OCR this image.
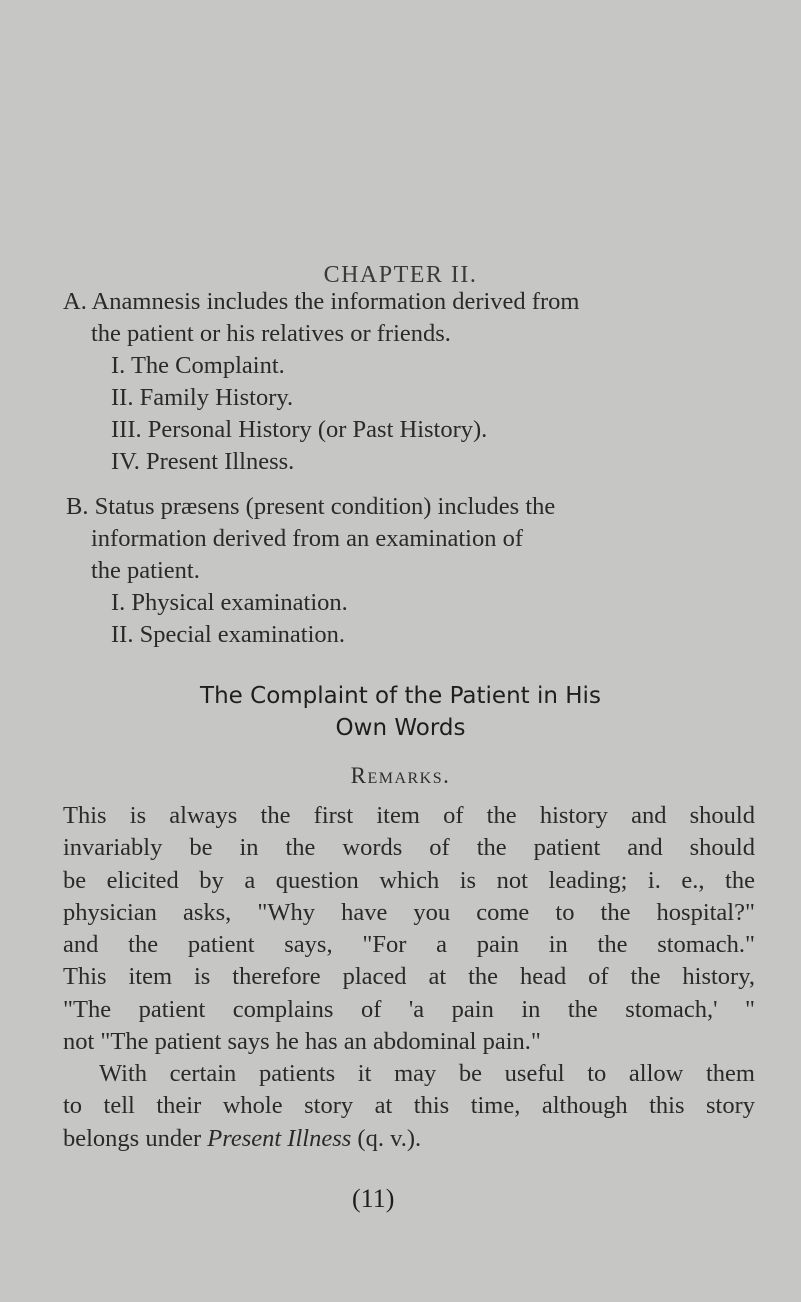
CHAPTER II.
A. Anamnesis includes the information derived from
the patient or his relatives or friends.
I. The Complaint.
II. Family History.
III. Personal History (or Past History).
IV. Present Illness.
B. Status præsens (present condition) includes the
information derived from an examination of
the patient.
I. Physical examination.
II. Special examination.
The Complaint of the Patient in His
Own Words
Remarks.
This is always the first item of the history and should
invariably be in the words of the patient and should
be elicited by a question which is not leading; i. e., the
physician asks, "Why have you come to the hospital?"
and the patient says, "For a pain in the stomach."
This item is therefore placed at the head of the history,
"The patient complains of 'a pain in the stomach,' "
not "The patient says he has an abdominal pain."
With certain patients it may be useful to allow them
to tell their whole story at this time, although this story
belongs under Present Illness (q. v.).
(11)
